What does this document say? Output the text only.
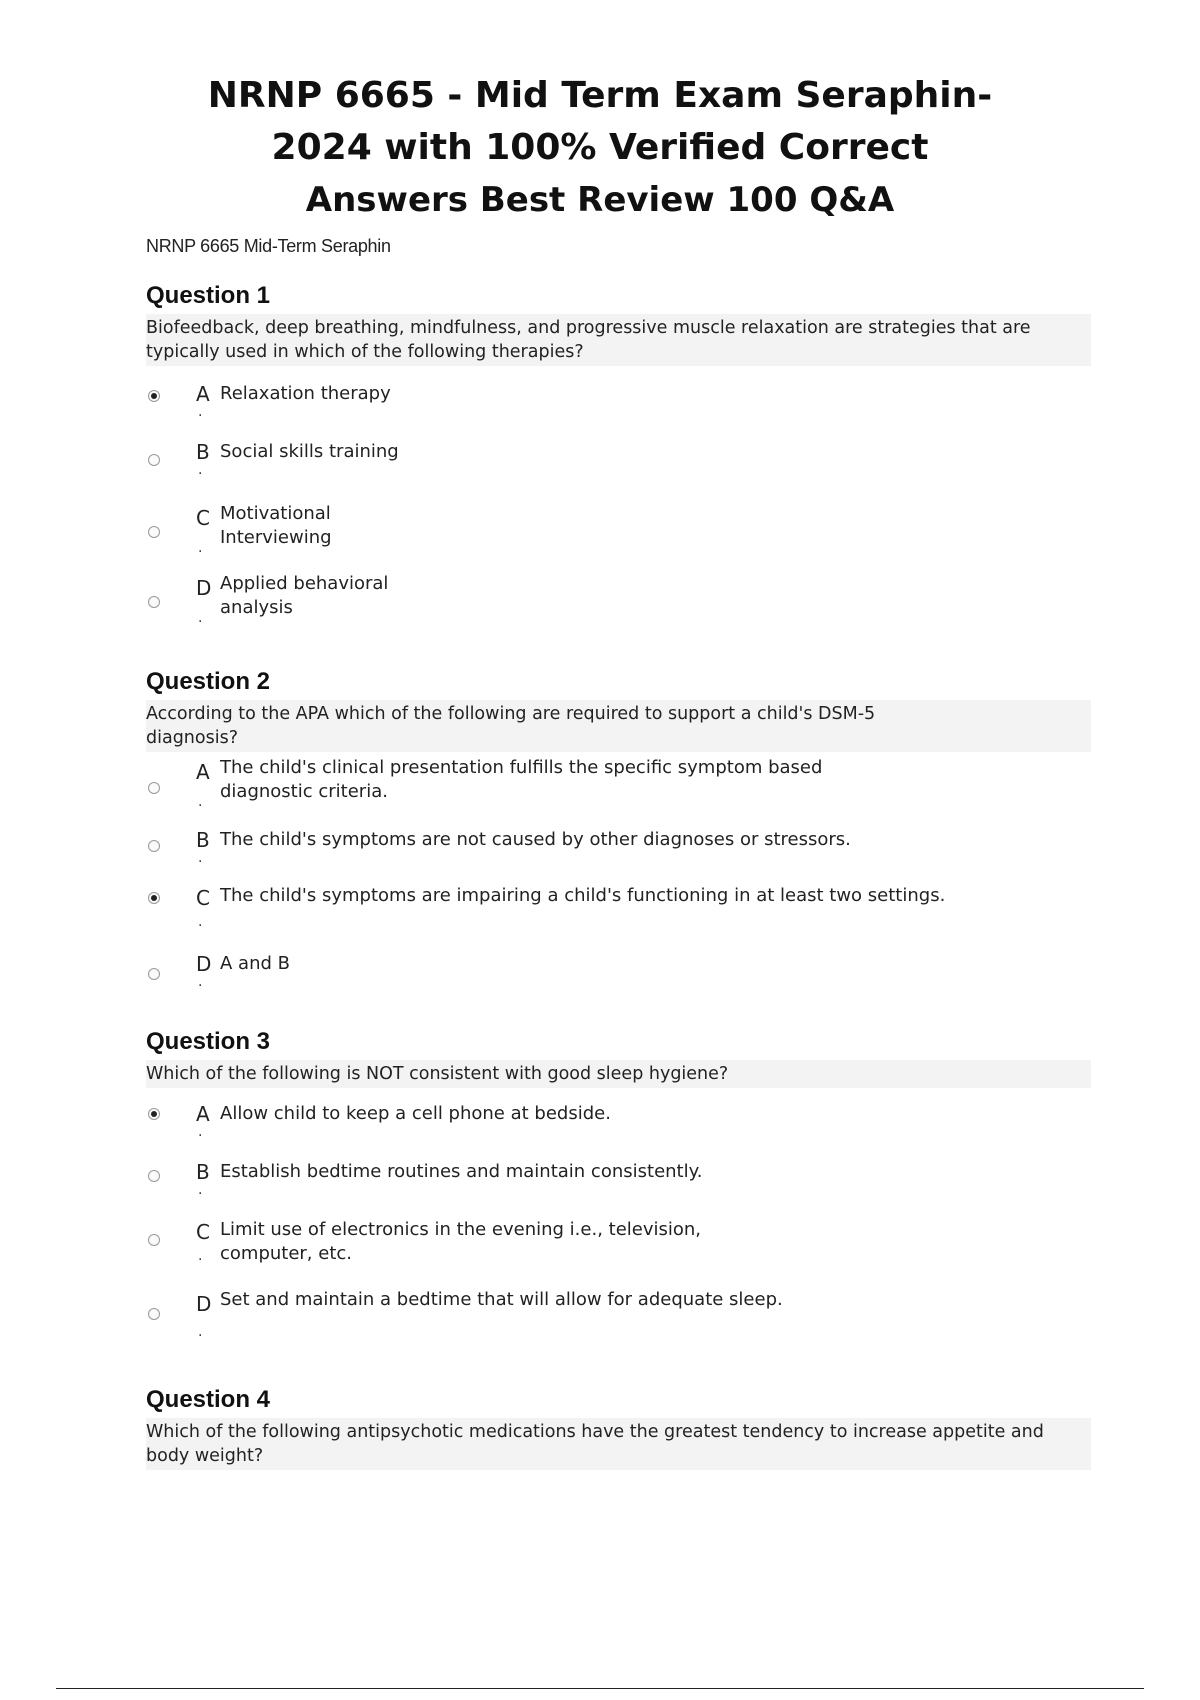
NRNP 6665 - Mid Term Exam Seraphin-
2024 with 100% Verified Correct
Answers Best Review 100 Q&A
NRNP 6665 Mid-Term Seraphin
Question 1
Biofeedback, deep breathing, mindfulness, and progressive muscle relaxation are strategies that are typically used in which of the following therapies?
A
.
Relaxation therapy
B
.
Social skills training
C
.
Motivational Interviewing
D
.
Applied behavioral analysis
Question 2
According to the APA which of the following are required to support a child's DSM-5 diagnosis?
A
.
The child's clinical presentation fulfills the specific symptom based diagnostic criteria.
B
.
The child's symptoms are not caused by other diagnoses or stressors.
C
.
The child's symptoms are impairing a child's functioning in at least two settings.
D
.
A and B
Question 3
Which of the following is NOT consistent with good sleep hygiene?
A
.
Allow child to keep a cell phone at bedside.
B
.
Establish bedtime routines and maintain consistently.
C
.
Limit use of electronics in the evening i.e., television, computer, etc.
D
.
Set and maintain a bedtime that will allow for adequate sleep.
Question 4
Which of the following antipsychotic medications have the greatest tendency to increase appetite and body weight?
